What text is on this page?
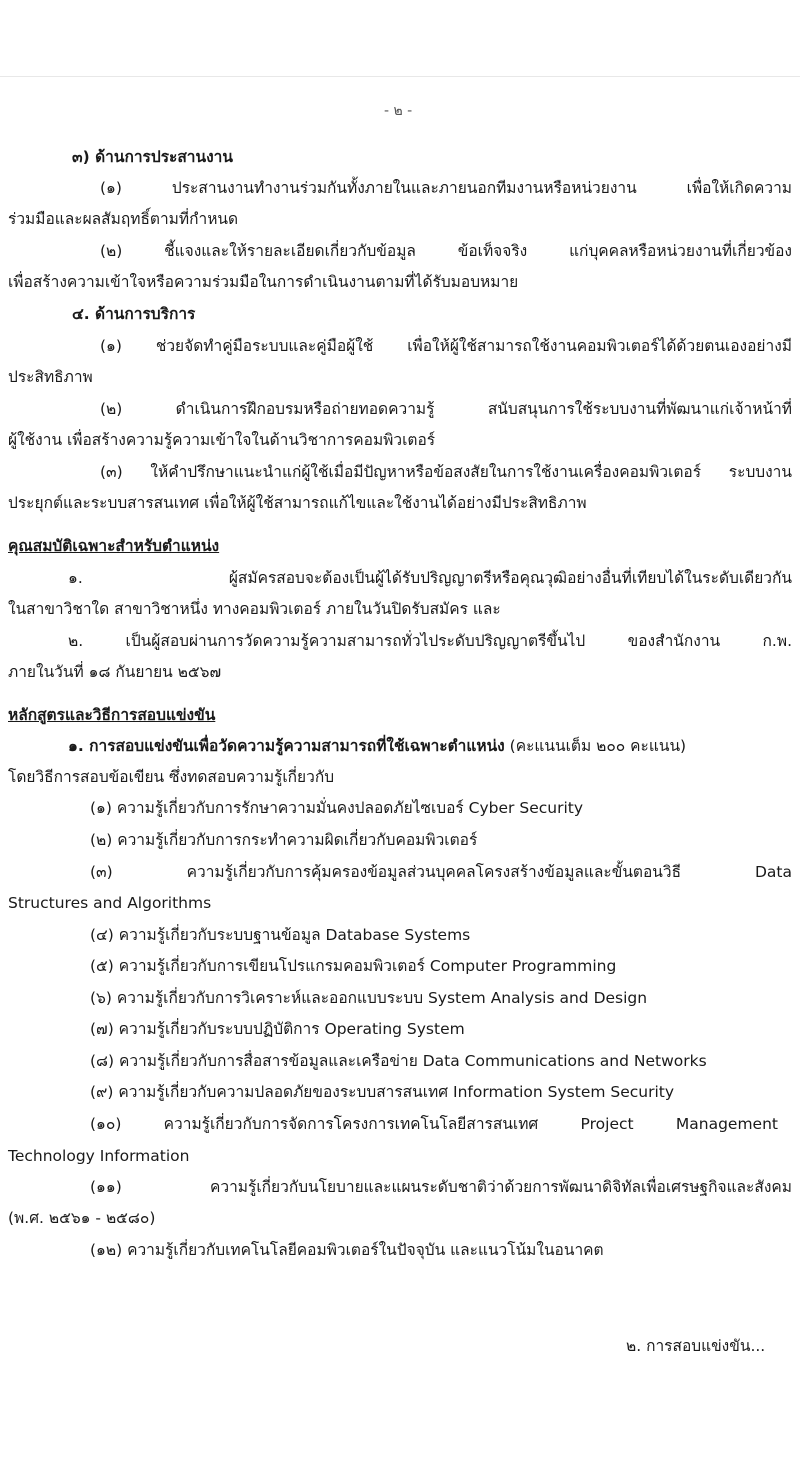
- ๒ -
๓) ด้านการประสานงาน
(๑) ประสานงานทำงานร่วมกันทั้งภายในและภายนอกทีมงานหรือหน่วยงาน เพื่อให้เกิดความ
ร่วมมือและผลสัมฤทธิ์ตามที่กำหนด
(๒) ชี้แจงและให้รายละเอียดเกี่ยวกับข้อมูล ข้อเท็จจริง แก่บุคคลหรือหน่วยงานที่เกี่ยวข้อง
เพื่อสร้างความเข้าใจหรือความร่วมมือในการดำเนินงานตามที่ได้รับมอบหมาย
๔. ด้านการบริการ
(๑) ช่วยจัดทำคู่มือระบบและคู่มือผู้ใช้ เพื่อให้ผู้ใช้สามารถใช้งานคอมพิวเตอร์ได้ด้วยตนเองอย่างมี
ประสิทธิภาพ
(๒) ดำเนินการฝึกอบรมหรือถ่ายทอดความรู้ สนับสนุนการใช้ระบบงานที่พัฒนาแก่เจ้าหน้าที่
ผู้ใช้งาน เพื่อสร้างความรู้ความเข้าใจในด้านวิชาการคอมพิวเตอร์
(๓) ให้คำปรึกษาแนะนำแก่ผู้ใช้เมื่อมีปัญหาหรือข้อสงสัยในการใช้งานเครื่องคอมพิวเตอร์ ระบบงาน
ประยุกต์และระบบสารสนเทศ เพื่อให้ผู้ใช้สามารถแก้ไขและใช้งานได้อย่างมีประสิทธิภาพ
คุณสมบัติเฉพาะสำหรับตำแหน่ง
๑. ผู้สมัครสอบจะต้องเป็นผู้ได้รับปริญญาตรีหรือคุณวุฒิอย่างอื่นที่เทียบได้ในระดับเดียวกัน
ในสาขาวิชาใด สาขาวิชาหนึ่ง ทางคอมพิวเตอร์ ภายในวันปิดรับสมัคร และ
๒. เป็นผู้สอบผ่านการวัดความรู้ความสามารถทั่วไประดับปริญญาตรีขึ้นไป ของสำนักงาน ก.พ.
ภายในวันที่ ๑๘ กันยายน ๒๕๖๗
หลักสูตรและวิธีการสอบแข่งขัน
๑. การสอบแข่งขันเพื่อวัดความรู้ความสามารถที่ใช้เฉพาะตำแหน่ง (คะแนนเต็ม ๒๐๐ คะแนน)
โดยวิธีการสอบข้อเขียน ซึ่งทดสอบความรู้เกี่ยวกับ
(๑) ความรู้เกี่ยวกับการรักษาความมั่นคงปลอดภัยไซเบอร์ Cyber Security
(๒) ความรู้เกี่ยวกับการกระทำความผิดเกี่ยวกับคอมพิวเตอร์
(๓) ความรู้เกี่ยวกับการคุ้มครองข้อมูลส่วนบุคคลโครงสร้างข้อมูลและขั้นตอนวิธี Data
Structures and Algorithms
(๔) ความรู้เกี่ยวกับระบบฐานข้อมูล Database Systems
(๕) ความรู้เกี่ยวกับการเขียนโปรแกรมคอมพิวเตอร์ Computer Programming
(๖) ความรู้เกี่ยวกับการวิเคราะห์และออกแบบระบบ System Analysis and Design
(๗) ความรู้เกี่ยวกับระบบปฏิบัติการ Operating System
(๘) ความรู้เกี่ยวกับการสื่อสารข้อมูลและเครือข่าย Data Communications and Networks
(๙) ความรู้เกี่ยวกับความปลอดภัยของระบบสารสนเทศ Information System Security
(๑๐) ความรู้เกี่ยวกับการจัดการโครงการเทคโนโลยีสารสนเทศ Project Management
Technology Information
(๑๑) ความรู้เกี่ยวกับนโยบายและแผนระดับชาติว่าด้วยการพัฒนาดิจิทัลเพื่อเศรษฐกิจและสังคม
(พ.ศ. ๒๕๖๑ - ๒๕๘๐)
(๑๒) ความรู้เกี่ยวกับเทคโนโลยีคอมพิวเตอร์ในปัจจุบัน และแนวโน้มในอนาคต
๒. การสอบแข่งขัน...
